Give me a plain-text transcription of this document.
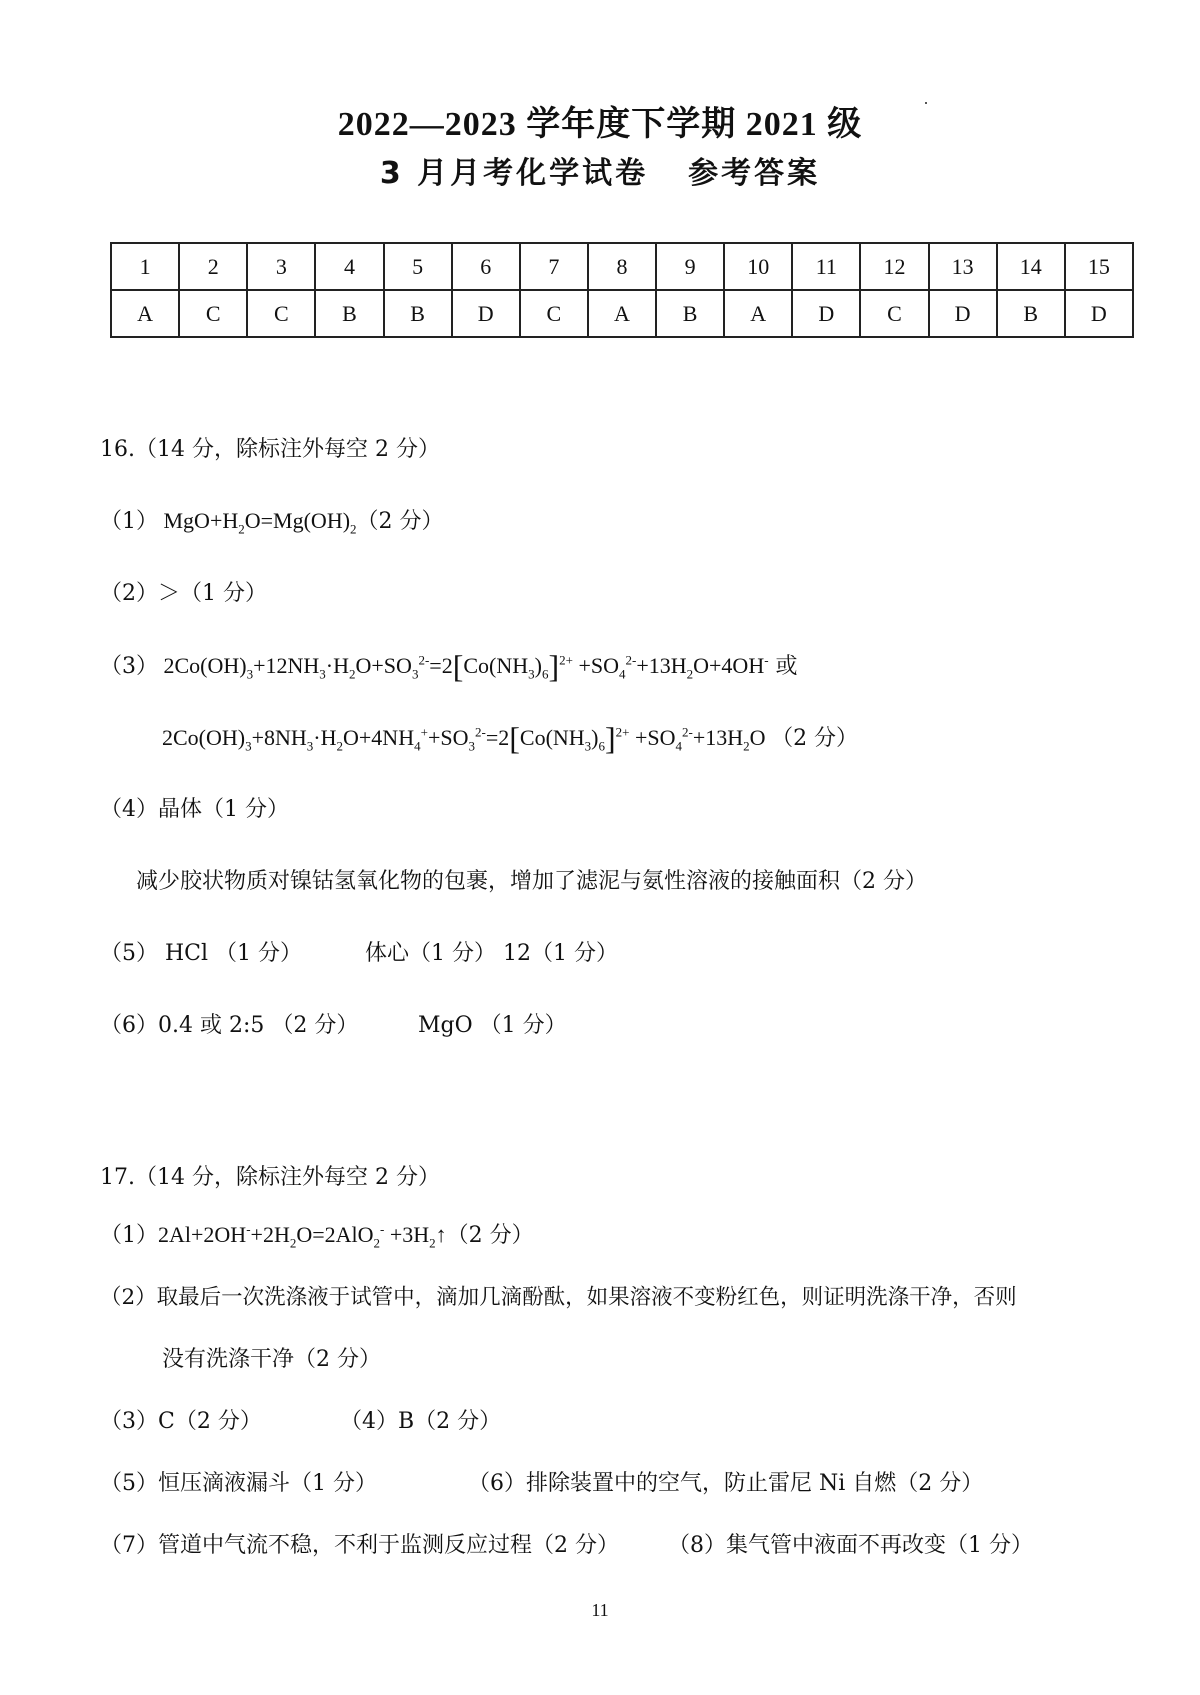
2022—2023 学年度下学期 2021 级
3 月月考化学试卷 参考答案
1	2	3	4	5	6	7	8	9	10	11	12	13	14	15
A	C	C	B	B	D	C	A	B	A	D	C	D	B	D
16.（14 分，除标注外每空 2 分）
（1） $MgO+H_2O=Mg(OH)_2(2$ 分）
（2）＞（1 分）
（3） $2Co(OH)_3+12NH_3\cdot H_2O+SO_3^{2-}=2[Co(NH_3)_6]^{2+} +SO_4^{2-}+13H_2O+4OH^-$ 或
$2Co(OH)_3+8NH_3\cdot H_2O+4NH_4^++SO_3^{2-}=2[Co(NH_3)_6]^{2+} +SO_4^{2-}+13H_2O$ （2 分）
（4）晶体（1 分）
减少胶状物质对镍钴氢氧化物的包裹，增加了滤泥与氨性溶液的接触面积（2 分）
（5） HCl （1 分）	体心（1 分） 12（1 分）
（6）0.4 或 2:5 （2 分）	MgO （1 分）
17.（14 分，除标注外每空 2 分）
$(1)2Al+2OH^-+2H_2O=2AlO_2^-$ $+3H_2↑(2$ 分）
（2）取最后一次洗涤液于试管中，滴加几滴酚酞，如果溶液不变粉红色，则证明洗涤干净，否则
没有洗涤干净（2 分）
（3）C（2 分）	（4）B（2 分）
（5）恒压滴液漏斗（1 分）	（6）排除装置中的空气，防止雷尼 Ni 自燃（2 分）
（7）管道中气流不稳，不利于监测反应过程（2 分） （8）集气管中液面不再改变（1 分）
11
